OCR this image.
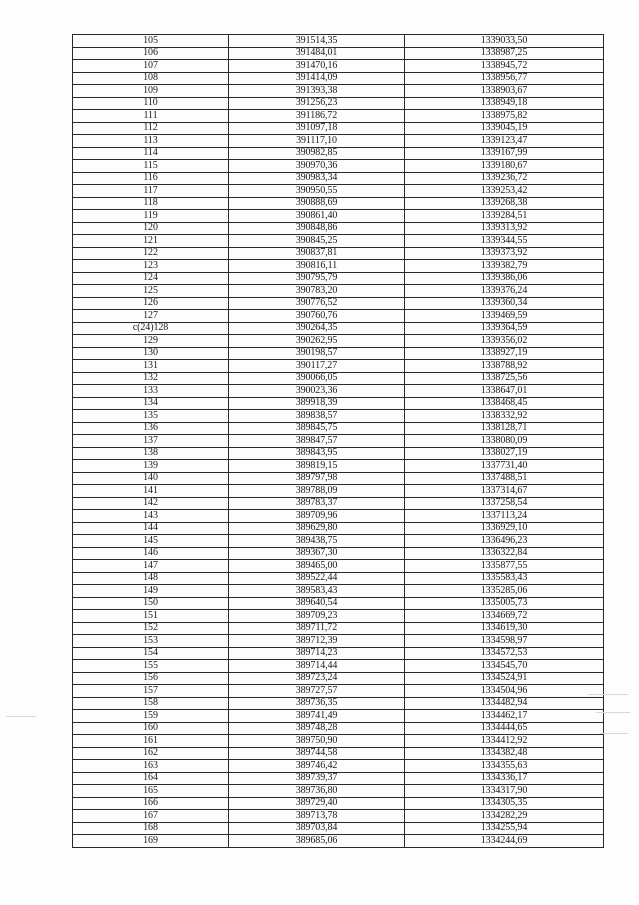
105	391514,35	1339033,50
106	391484,01	1338987,25
107	391470,16	1338945,72
108	391414,09	1338956,77
109	391393,38	1338903,67
110	391256,23	1338949,18
111	391186,72	1338975,82
112	391097,18	1339045,19
113	391117,10	1339123,47
114	390982,85	1339167,99
115	390970,36	1339180,67
116	390983,34	1339236,72
117	390950,55	1339253,42
118	390888,69	1339268,38
119	390861,40	1339284,51
120	390848,86	1339313,92
121	390845,25	1339344,55
122	390837,81	1339373,92
123	390816,11	1339382,79
124	390795,79	1339386,06
125	390783,20	1339376,24
126	390776,52	1339360,34
127	390760,76	1339469,59
c(24)128	390264,35	1339364,59
129	390262,95	1339356,02
130	390198,57	1338927,19
131	390117,27	1338788,92
132	390066,05	1338725,56
133	390023,36	1338647,01
134	389918,39	1338468,45
135	389838,57	1338332,92
136	389845,75	1338128,71
137	389847,57	1338080,09
138	389843,95	1338027,19
139	389819,15	1337731,40
140	389797,98	1337488,51
141	389788,09	1337314,67
142	389783,37	1337258,54
143	389709,96	1337113,24
144	389629,80	1336929,10
145	389438,75	1336496,23
146	389367,30	1336322,84
147	389465,00	1335877,55
148	389522,44	1335583,43
149	389583,43	1335285,06
150	389640,54	1335005,73
151	389709,23	1334669,72
152	389711,72	1334619,30
153	389712,39	1334598,97
154	389714,23	1334572,53
155	389714,44	1334545,70
156	389723,24	1334524,91
157	389727,57	1334504,96
158	389736,35	1334482,94
159	389741,49	1334462,17
160	389748,28	1334444,65
161	389750,90	1334412,92
162	389744,58	1334382,48
163	389746,42	1334355,63
164	389739,37	1334336,17
165	389736,80	1334317,90
166	389729,40	1334305,35
167	389713,78	1334282,29
168	389703,84	1334255,94
169	389685,06	1334244,69
